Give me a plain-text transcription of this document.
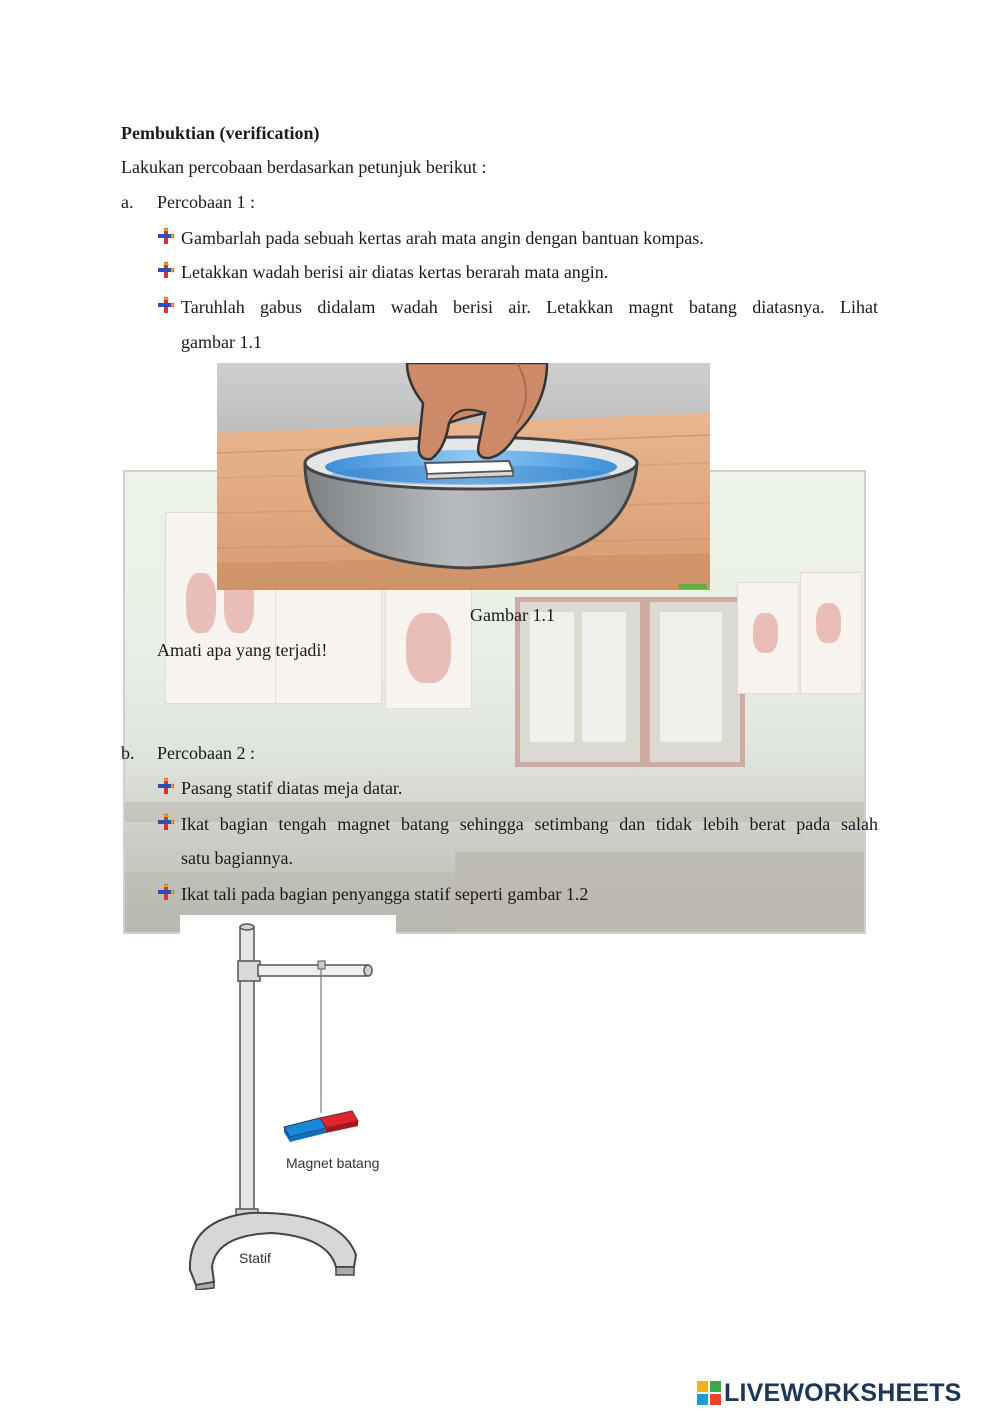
Pembuktian (verification)
Lakukan percobaan berdasarkan petunjuk berikut :
a. Percobaan 1 :
Gambarlah pada sebuah kertas arah mata angin dengan bantuan kompas.
Letakkan wadah berisi air diatas kertas berarah mata angin.
Taruhlah gabus didalam wadah berisi air. Letakkan magnt batang diatasnya. Lihat
gambar 1.1
Gambar 1.1
Amati apa yang terjadi!
b. Percobaan 2 :
Pasang statif diatas meja datar.
Ikat bagian tengah magnet batang sehingga setimbang dan tidak lebih berat pada salah
satu bagiannya.
Ikat tali pada bagian penyangga statif seperti gambar 1.2
Magnet batang
Statif
LIVEWORKSHEETS
